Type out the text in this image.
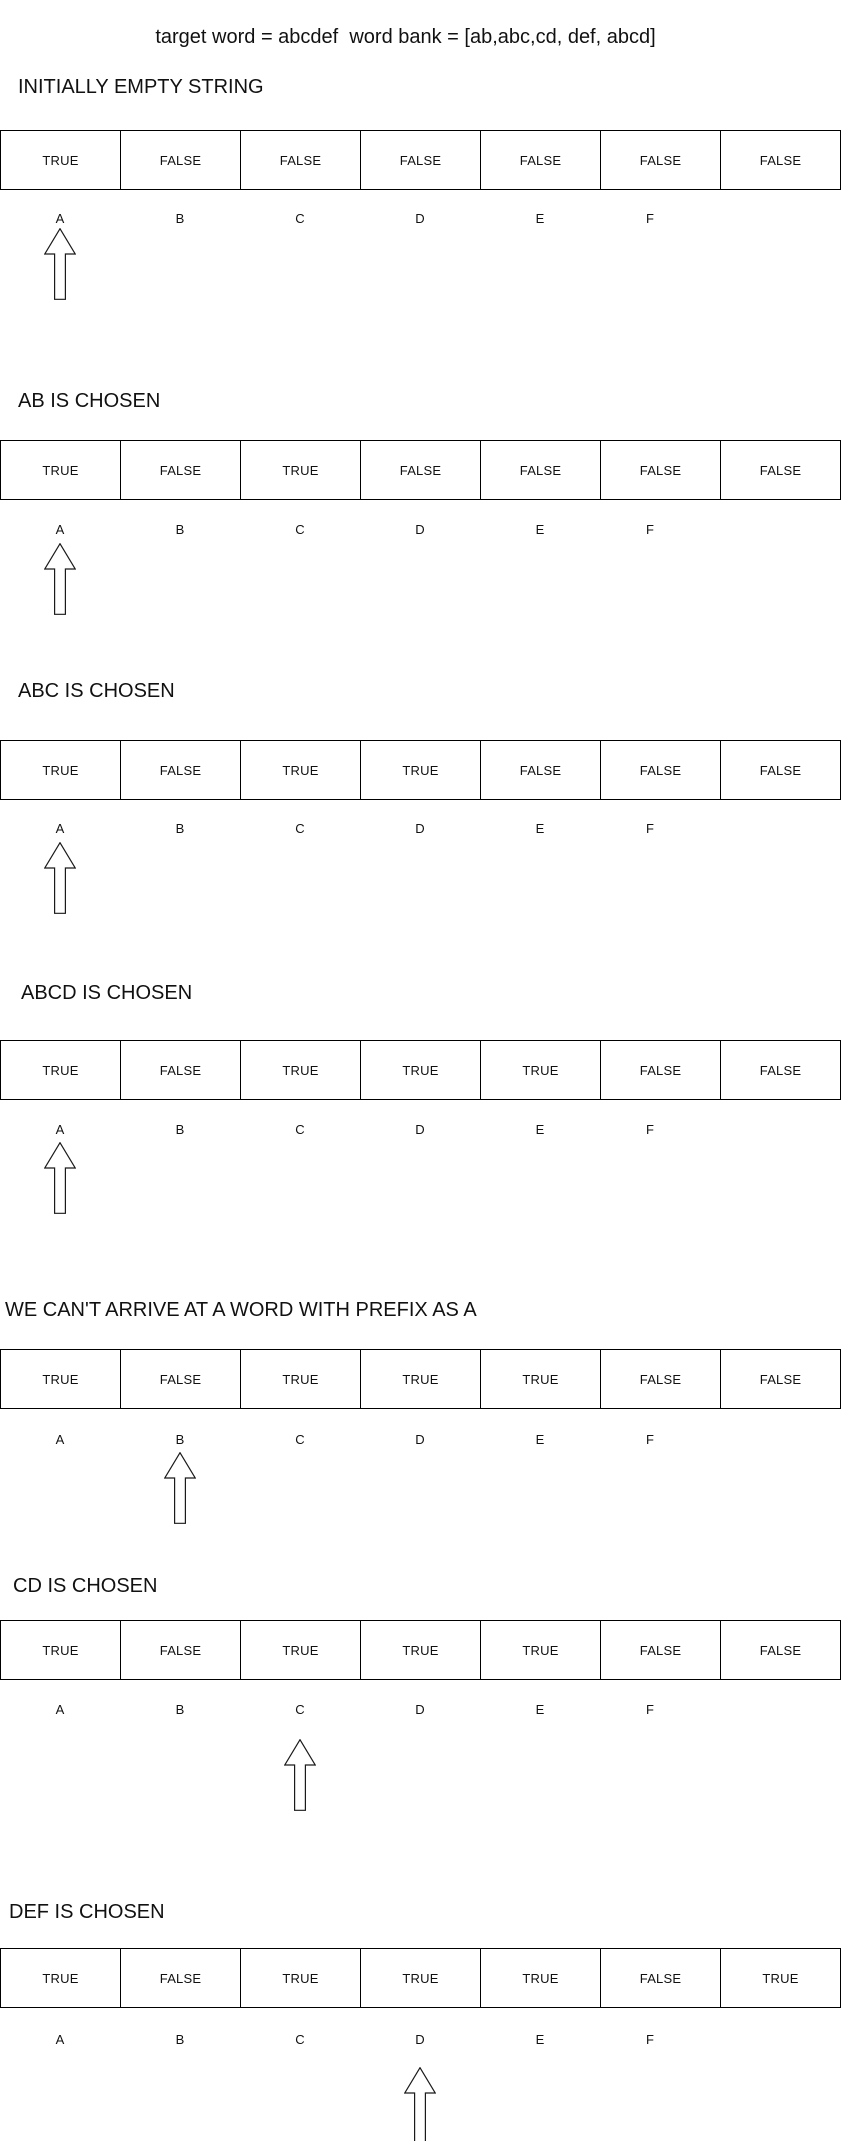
target word = abcdef  word bank = [ab,abc,cd, def, abcd]
INITIALLY EMPTY STRING
TRUE	FALSE	FALSE	FALSE	FALSE	FALSE	FALSE
A	B	C	D	E	F
AB IS CHOSEN
TRUE	FALSE	TRUE	FALSE	FALSE	FALSE	FALSE
A	B	C	D	E	F
ABC IS CHOSEN
TRUE	FALSE	TRUE	TRUE	FALSE	FALSE	FALSE
A	B	C	D	E	F
ABCD IS CHOSEN
TRUE	FALSE	TRUE	TRUE	TRUE	FALSE	FALSE
A	B	C	D	E	F
WE CAN'T ARRIVE AT A WORD WITH PREFIX AS A
TRUE	FALSE	TRUE	TRUE	TRUE	FALSE	FALSE
A	B	C	D	E	F
CD IS CHOSEN
TRUE	FALSE	TRUE	TRUE	TRUE	FALSE	FALSE
A	B	C	D	E	F
DEF IS CHOSEN
TRUE	FALSE	TRUE	TRUE	TRUE	FALSE	TRUE
A	B	C	D	E	F
